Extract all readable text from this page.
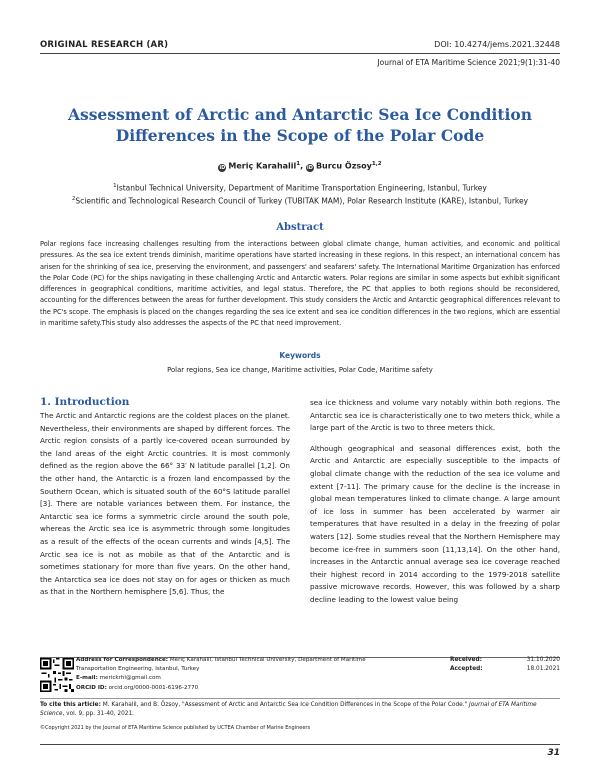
ORIGINAL RESEARCH (AR)	DOI: 10.4274/jems.2021.32448
Journal of ETA Maritime Science 2021;9(1):31-40
Assessment of Arctic and Antarctic Sea Ice Condition
Differences in the Scope of the Polar Code
iD Meriç Karahalil$^1$, iD Burcu Özsoy$^{1,2}$
$^1$Istanbul Technical University, Department of Maritime Transportation Engineering, Istanbul, Turkey
$^2$Scientific and Technological Research Council of Turkey (TUBITAK MAM), Polar Research Institute (KARE), Istanbul, Turkey
Abstract
Polar regions face increasing challenges resulting from the interactions between global climate change, human activities, and economic and political pressures. As the sea ice extent trends diminish, maritime operations have started increasing in these regions. In this respect, an international concern has arisen for the shrinking of sea ice, preserving the environment, and passengers' and seafarers' safety. The International Maritime Organization has enforced the Polar Code (PC) for the ships navigating in these challenging Arctic and Antarctic waters. Polar regions are similar in some aspects but exhibit significant differences in geographical conditions, maritime activities, and legal status. Therefore, the PC that applies to both regions should be reconsidered, accounting for the differences between the areas for further development. This study considers the Arctic and Antarctic geographical differences relevant to the PC's scope. The emphasis is placed on the changes regarding the sea ice extent and sea ice condition differences in the two regions, which are essential in maritime safety.This study also addresses the aspects of the PC that need improvement.
Keywords
Polar regions, Sea ice change, Maritime activities, Polar Code, Maritime safety
1. Introduction

The Arctic and Antarctic regions are the coldest places on the planet. Nevertheless, their environments are shaped by different forces. The Arctic region consists of a partly ice-covered ocean surrounded by the land areas of the eight Arctic countries. It is most commonly defined as the region above the 66° 33′ N latitude parallel [1,2]. On the other hand, the Antarctic is a frozen land encompassed by the Southern Ocean, which is situated south of the 60°S latitude parallel [3]. There are notable variances between them. For instance, the Antarctic sea ice forms a symmetric circle around the south pole, whereas the Arctic sea ice is asymmetric through some longitudes as a result of the effects of the ocean currents and winds [4,5]. The Arctic sea ice is not as mobile as that of the Antarctic and is sometimes stationary for more than five years. On the other hand, the Antarctica sea ice does not stay on for ages or thicken as much as that in the Northern hemisphere [5,6]. Thus, the

sea ice thickness and volume vary notably within both regions. The Antarctic sea ice is characteristically one to two meters thick, while a large part of the Arctic is two to three meters thick.

Although geographical and seasonal differences exist, both the Arctic and Antarctic are especially susceptible to the impacts of global climate change with the reduction of the sea ice volume and extent [7-11]. The primary cause for the decline is the increase in global mean temperatures linked to climate change. A large amount of ice loss in summer has been accelerated by warmer air temperatures that have resulted in a delay in the freezing of polar waters [12]. Some studies reveal that the Northern Hemisphere may become ice-free in summers soon [11,13,14]. On the other hand, increases in the Antarctic annual average sea ice coverage reached their highest record in 2014 according to the 1979-2018 satellite passive microwave records. However, this was followed by a sharp decline leading to the lowest value being

Address for Correspondence: Meriç Karahalil, Istanbul Technical University, Department of Maritime
Transportation Engineering, Istanbul, Turkey
E-mail: merickrhl@gmail.com
ORCID ID: orcid.org/0000-0001-6196-2770
Received:	31.10.2020
Accepted:	18.01.2021
To cite this article: M. Karahalil, and B. Özsoy, "Assessment of Arctic and Antarctic Sea Ice Condition Differences in the Scope of the Polar Code." Journal of ETA Maritime Science, vol. 9, pp. 31-40, 2021.
©Copyright 2021 by the Journal of ETA Maritime Science published by UCTEA Chamber of Marine Engineers
31
